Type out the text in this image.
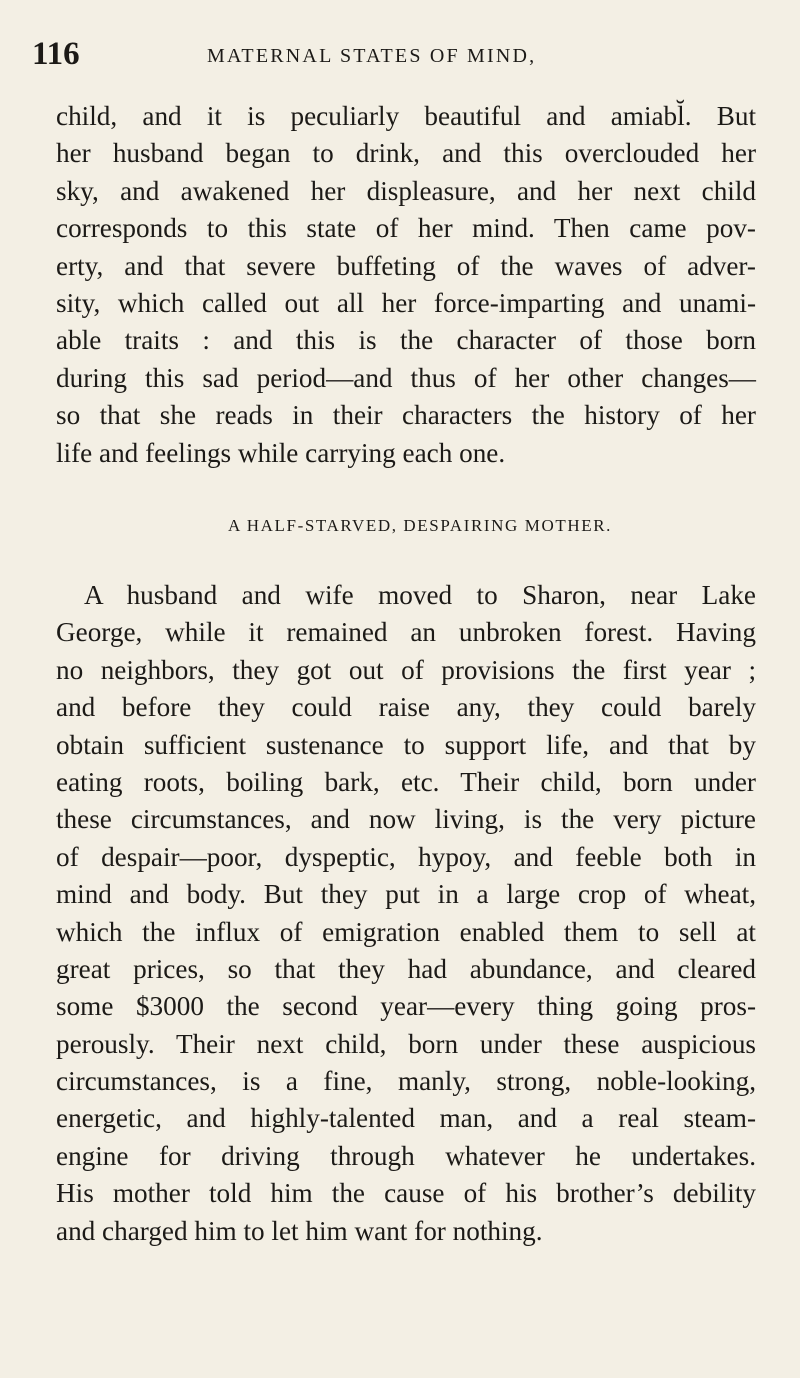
116	MATERNAL STATES OF MIND,
child, and it is peculiarly beautiful and amiabl̆. But
her husband began to drink, and this overclouded her
sky, and awakened her displeasure, and her next child
corresponds to this state of her mind. Then came pov-
erty, and that severe buffeting of the waves of adver-
sity, which called out all her force-imparting and unami-
able traits : and this is the character of those born
during this sad period—and thus of her other changes—
so that she reads in their characters the history of her
life and feelings while carrying each one.
A HALF-STARVED, DESPAIRING MOTHER.
A husband and wife moved to Sharon, near Lake
George, while it remained an unbroken forest. Having
no neighbors, they got out of provisions the first year ;
and before they could raise any, they could barely
obtain sufficient sustenance to support life, and that by
eating roots, boiling bark, etc. Their child, born under
these circumstances, and now living, is the very picture
of despair—poor, dyspeptic, hypoy, and feeble both in
mind and body. But they put in a large crop of wheat,
which the influx of emigration enabled them to sell at
great prices, so that they had abundance, and cleared
some $3000 the second year—every thing going pros-
perously. Their next child, born under these auspicious
circumstances, is a fine, manly, strong, noble-looking,
energetic, and highly-talented man, and a real steam-
engine for driving through whatever he undertakes.
His mother told him the cause of his brother’s debility
and charged him to let him want for nothing.
